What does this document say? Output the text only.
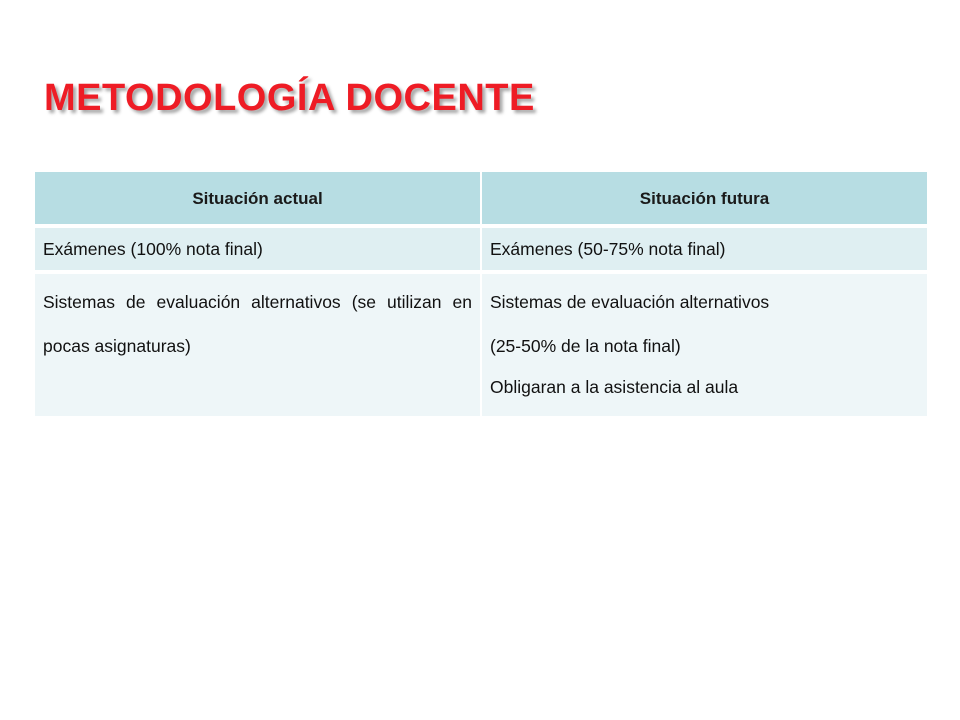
METODOLOGÍA DOCENTE
Situación actual	Situación futura

Exámenes (100% nota final)	Exámenes (50-75% nota final)

Sistemas de evaluación alternativos (se utilizan en pocas asignaturas)	Sistemas de evaluación alternativos
(25-50% de la nota final)
Obligaran a la asistencia al aula
